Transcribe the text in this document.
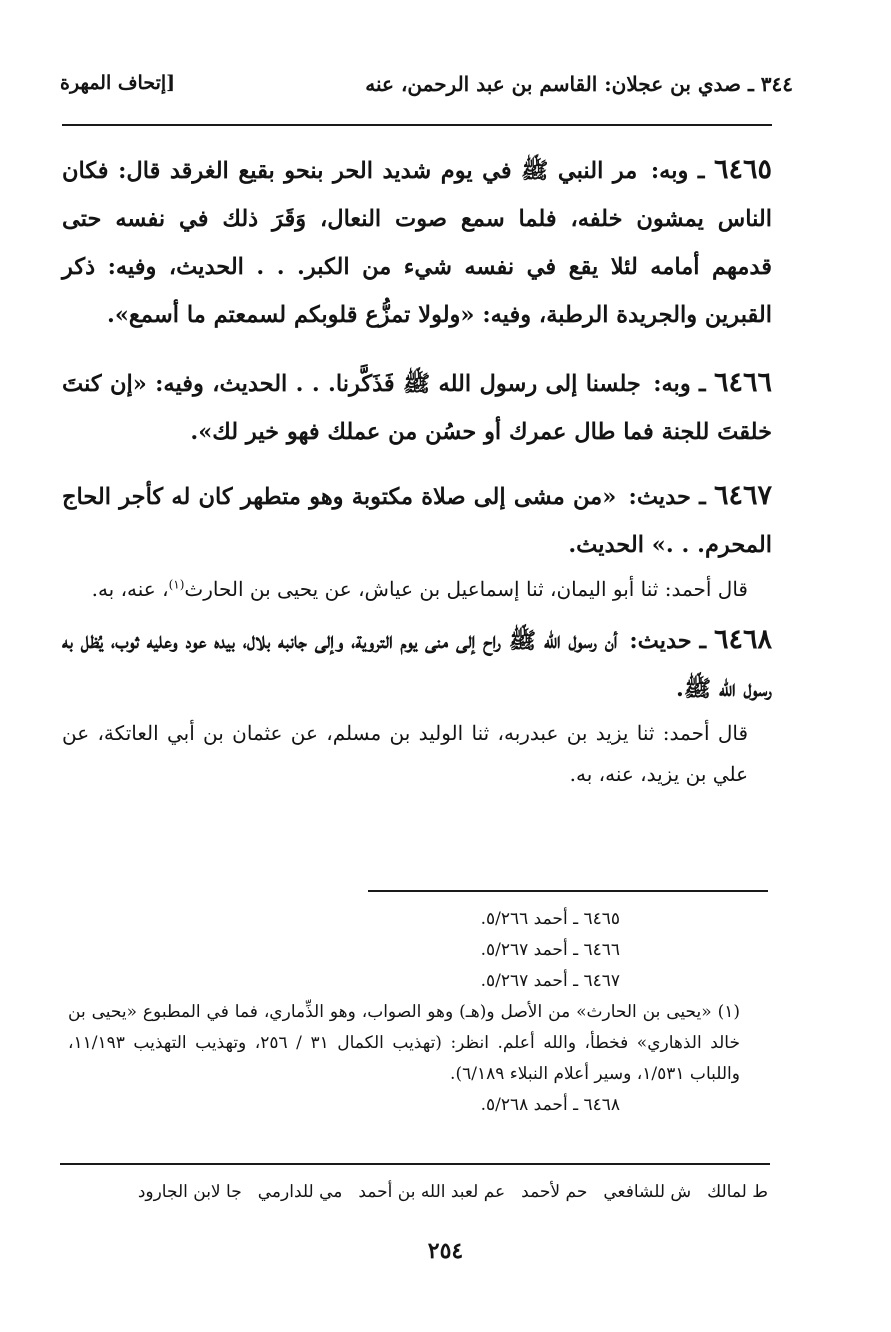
٣٤٤ ـ صدي بن عجلان: القاسم بن عبد الرحمن، عنه
[إتحاف المهرة

٦٤٦٥ ـ وبه: مر النبي ﷺ في يوم شديد الحر بنحو بقيع الغرقد قال: فكان الناس يمشون خلفه، فلما سمع صوت النعال، وَقَرَ ذلك في نفسه حتى قدمهم أمامه لئلا يقع في نفسه شيء من الكبر. . . الحديث، وفيه: ذكر القبرين والجريدة الرطبة، وفيه: «ولولا تمزُّع قلوبكم لسمعتم ما أسمع».

٦٤٦٦ ـ وبه: جلسنا إلى رسول الله ﷺ فَذَكَّرنا. . . الحديث، وفيه: «إن كنتَ خلقتَ للجنة فما طال عمرك أو حسُن من عملك فهو خير لك».

٦٤٦٧ ـ حديث: «من مشى إلى صلاة مكتوبة وهو متطهر كان له كأجر الحاج المحرم. . .» الحديث.

قال أحمد: ثنا أبو اليمان، ثنا إسماعيل بن عياش، عن يحيى بن الحارث$^{(١)}$، عنه، به.

٦٤٦٨ ـ حديث: أن رسول الله ﷺ راح إلى منى يوم التروية، وإلى جانبه بلال، بيده عود وعليه ثوب، يُظل به رسول الله ﷺ.

قال أحمد: ثنا يزيد بن عبدربه، ثنا الوليد بن مسلم، عن عثمان بن أبي العاتكة، عن علي بن يزيد، عنه، به.

٦٤٦٥ ـ أحمد ٥/٢٦٦.

٦٤٦٦ ـ أحمد ٥/٢٦٧.

٦٤٦٧ ـ أحمد ٥/٢٦٧.

(١) «يحيى بن الحارث» من الأصل و(هـ) وهو الصواب، وهو الذِّماري، فما في المطبوع «يحيى بن خالد الذهاري» فخطأ، والله أعلم. انظر: (تهذيب الكمال ٣١ / ٢٥٦، وتهذيب التهذيب ١١/١٩٣، واللباب ١/٥٣١، وسير أعلام النبلاء ٦/١٨٩).

٦٤٦٨ ـ أحمد ٥/٢٦٨.

ط لمالكش للشافعيحم لأحمدعم لعبد الله بن أحمدمي للدارميجا لابن الجارود
٢٥٤
